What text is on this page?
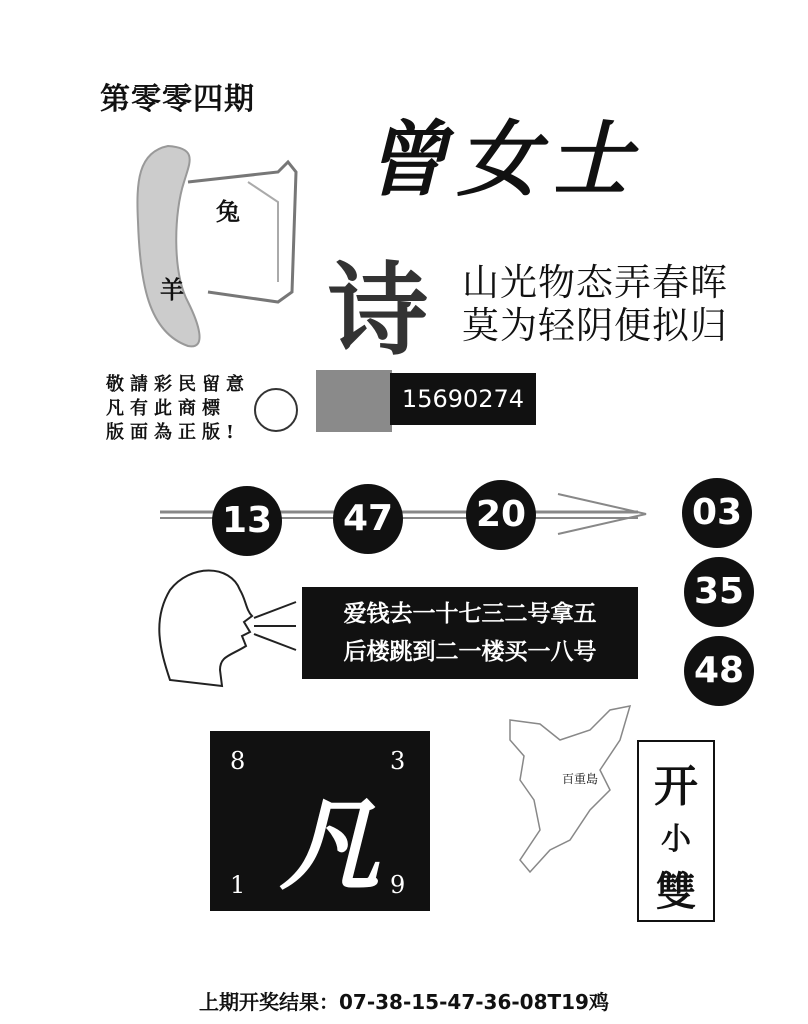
第零零四期
曾女士
兔
羊 诗 山光物态弄春晖
莫为轻阴便拟归
敬請彩民留意
凡有此商標
版面為正版!
15690274
13 47 20	03
35
48
爱钱去一十七三二号拿五
后楼跳到二一楼买一八号
8	3
1	9
凡
百重島	开
小
雙
上期开奖结果：07-38-15-47-36-08T19鸡
